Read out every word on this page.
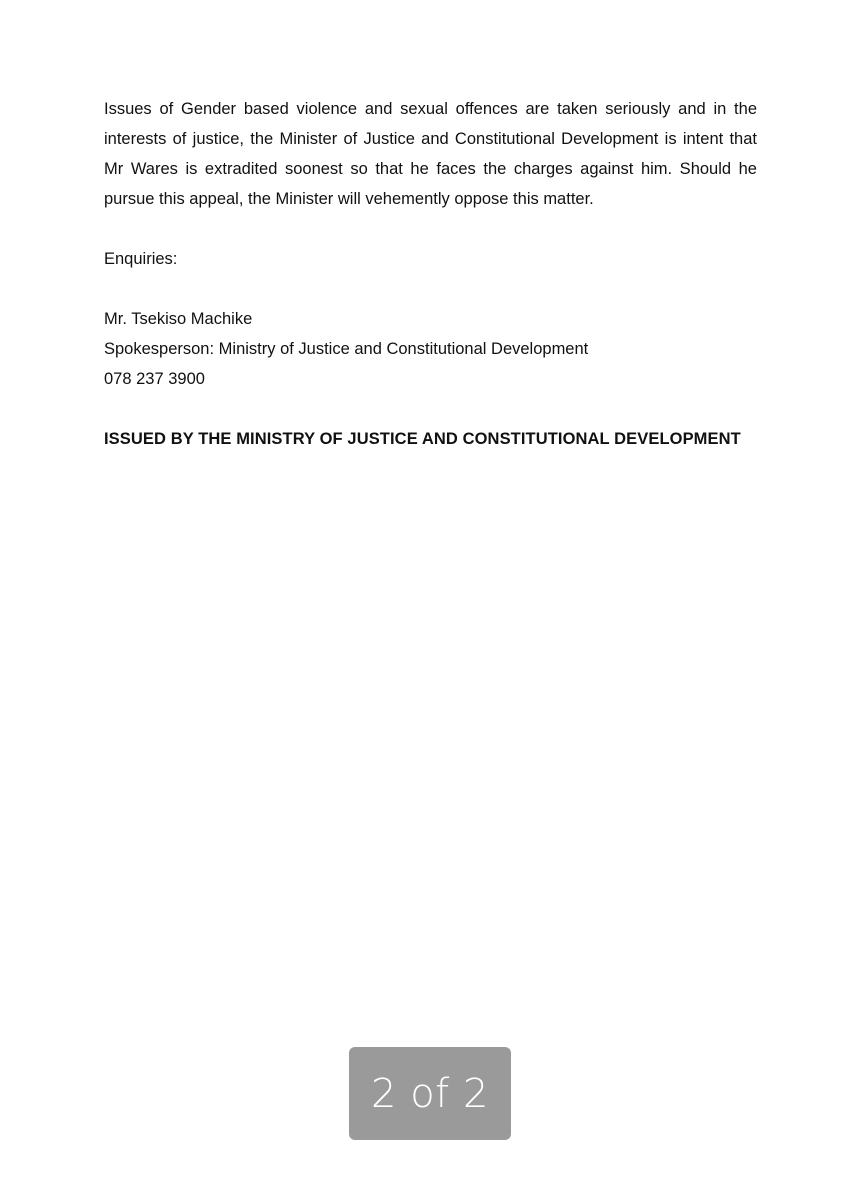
Issues of Gender based violence and sexual offences are taken seriously and in the interests of justice, the Minister of Justice and Constitutional Development is intent that Mr Wares is extradited soonest so that he faces the charges against him. Should he pursue this appeal, the Minister will vehemently oppose this matter.

Enquiries:

Mr. Tsekiso Machike
Spokesperson: Ministry of Justice and Constitutional Development
078 237 3900

ISSUED BY THE MINISTRY OF JUSTICE AND CONSTITUTIONAL DEVELOPMENT

2 of 2
